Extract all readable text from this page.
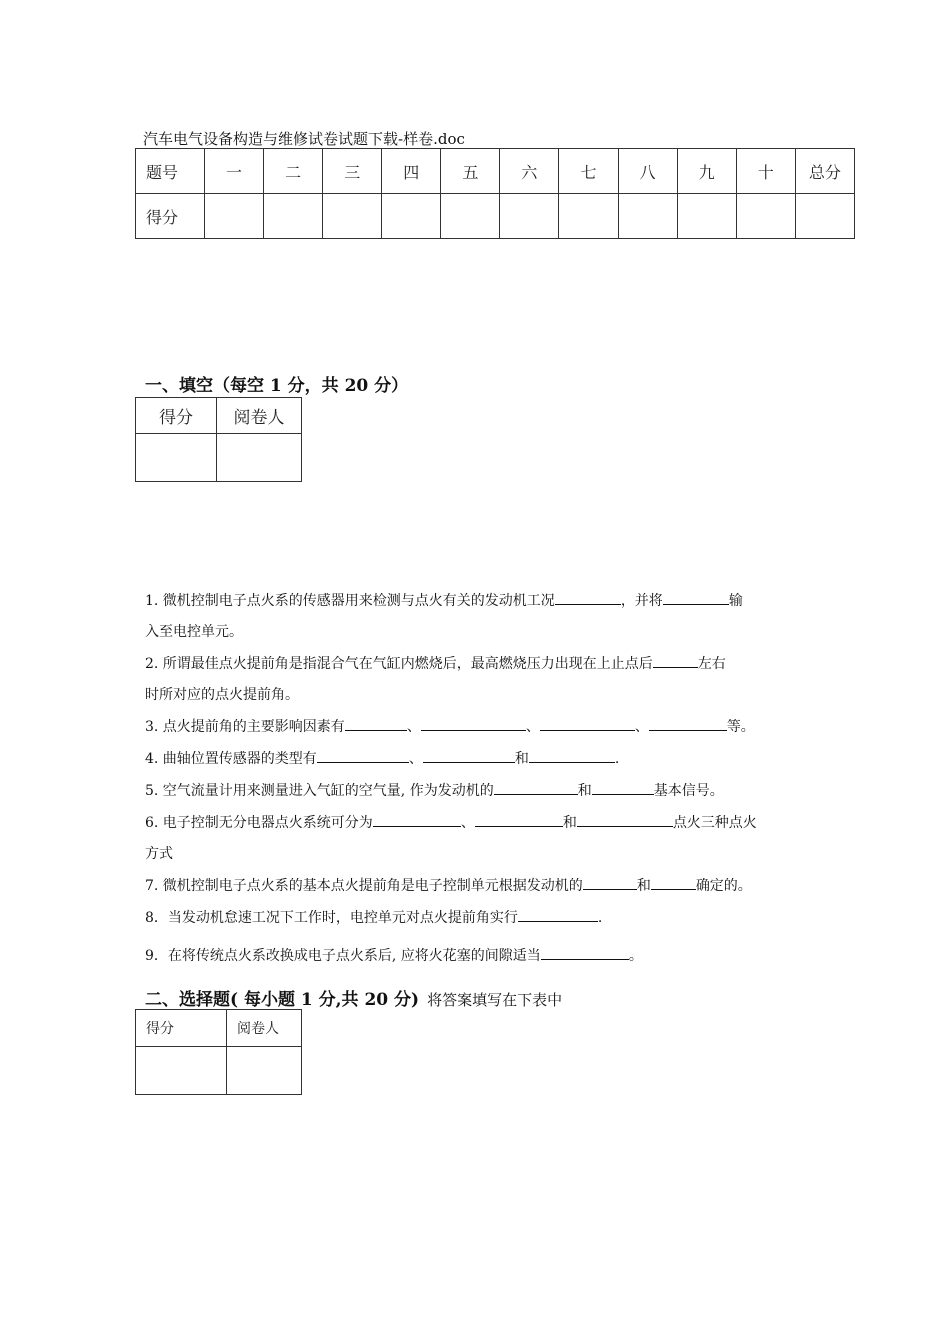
汽车电气设备构造与维修试卷试题下载-样卷.doc
题号	一	二	三	四	五	六	七	八	九	十	总分
得分											
一、填空（每空 1 分，共 20 分）
得分	阅卷人

1. 微机控制电子点火系的传感器用来检测与点火有关的发动机工况	，并将	输
入至电控单元。
2. 所谓最佳点火提前角是指混合气在气缸内燃烧后，最高燃烧压力出现在上止点后	左右
时所对应的点火提前角。
3. 点火提前角的主要影响因素有	、	、	、	等。
4. 曲轴位置传感器的类型有	、	和	.
5. 空气流量计用来测量进入气缸的空气量, 作为发动机的	和	基本信号。
6. 电子控制无分电器点火系统可分为	、	和	点火三种点火
方式
7. 微机控制电子点火系的基本点火提前角是电子控制单元根据发动机的	和	确定的。
8．当发动机怠速工况下工作时，电控单元对点火提前角实行	.
9．在将传统点火系改换成电子点火系后, 应将火花塞的间隙适当	。
二、选择题( 每小题 1 分,共 20 分) 将答案填写在下表中
得分	阅卷人
